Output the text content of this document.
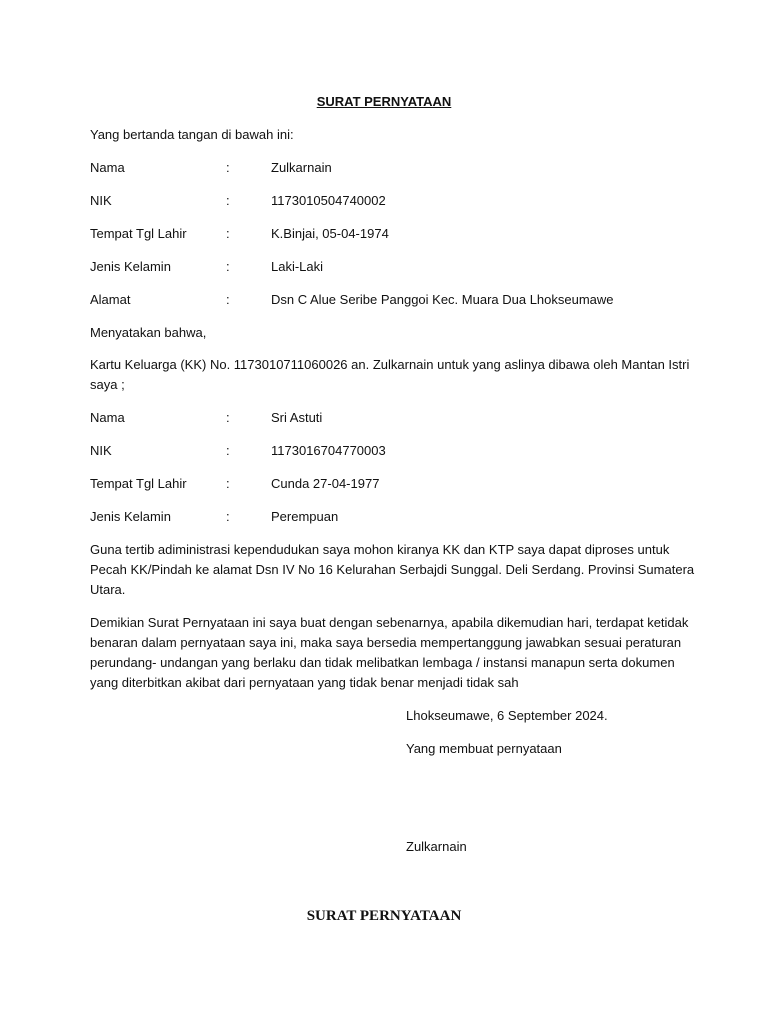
SURAT PERNYATAAN
Yang bertanda tangan di bawah ini:
Nama	:	Zulkarnain
NIK	:	1173010504740002
Tempat Tgl Lahir	:	K.Binjai, 05-04-1974
Jenis Kelamin	:	Laki-Laki
Alamat	:	Dsn C Alue Seribe Panggoi Kec. Muara Dua Lhokseumawe
Menyatakan bahwa,
Kartu Keluarga (KK) No. 1173010711060026 an. Zulkarnain untuk yang aslinya dibawa oleh Mantan Istri
saya ;
Nama	:	Sri Astuti
NIK	:	1173016704770003
Tempat Tgl Lahir	:	Cunda 27-04-1977
Jenis Kelamin	:	Perempuan
Guna tertib adiministrasi kependudukan saya mohon kiranya KK dan KTP saya dapat diproses untuk
Pecah KK/Pindah ke alamat Dsn IV No 16 Kelurahan Serbajdi Sunggal. Deli Serdang. Provinsi Sumatera
Utara.
Demikian Surat Pernyataan ini saya buat dengan sebenarnya, apabila dikemudian hari, terdapat ketidak
benaran dalam pernyataan saya ini, maka saya bersedia mempertanggung jawabkan sesuai peraturan
perundang- undangan yang berlaku dan tidak melibatkan lembaga / instansi manapun serta dokumen
yang diterbitkan akibat dari pernyataan yang tidak benar menjadi tidak sah
Lhokseumawe, 6 September 2024.
Yang membuat pernyataan
Zulkarnain
SURAT PERNYATAAN
